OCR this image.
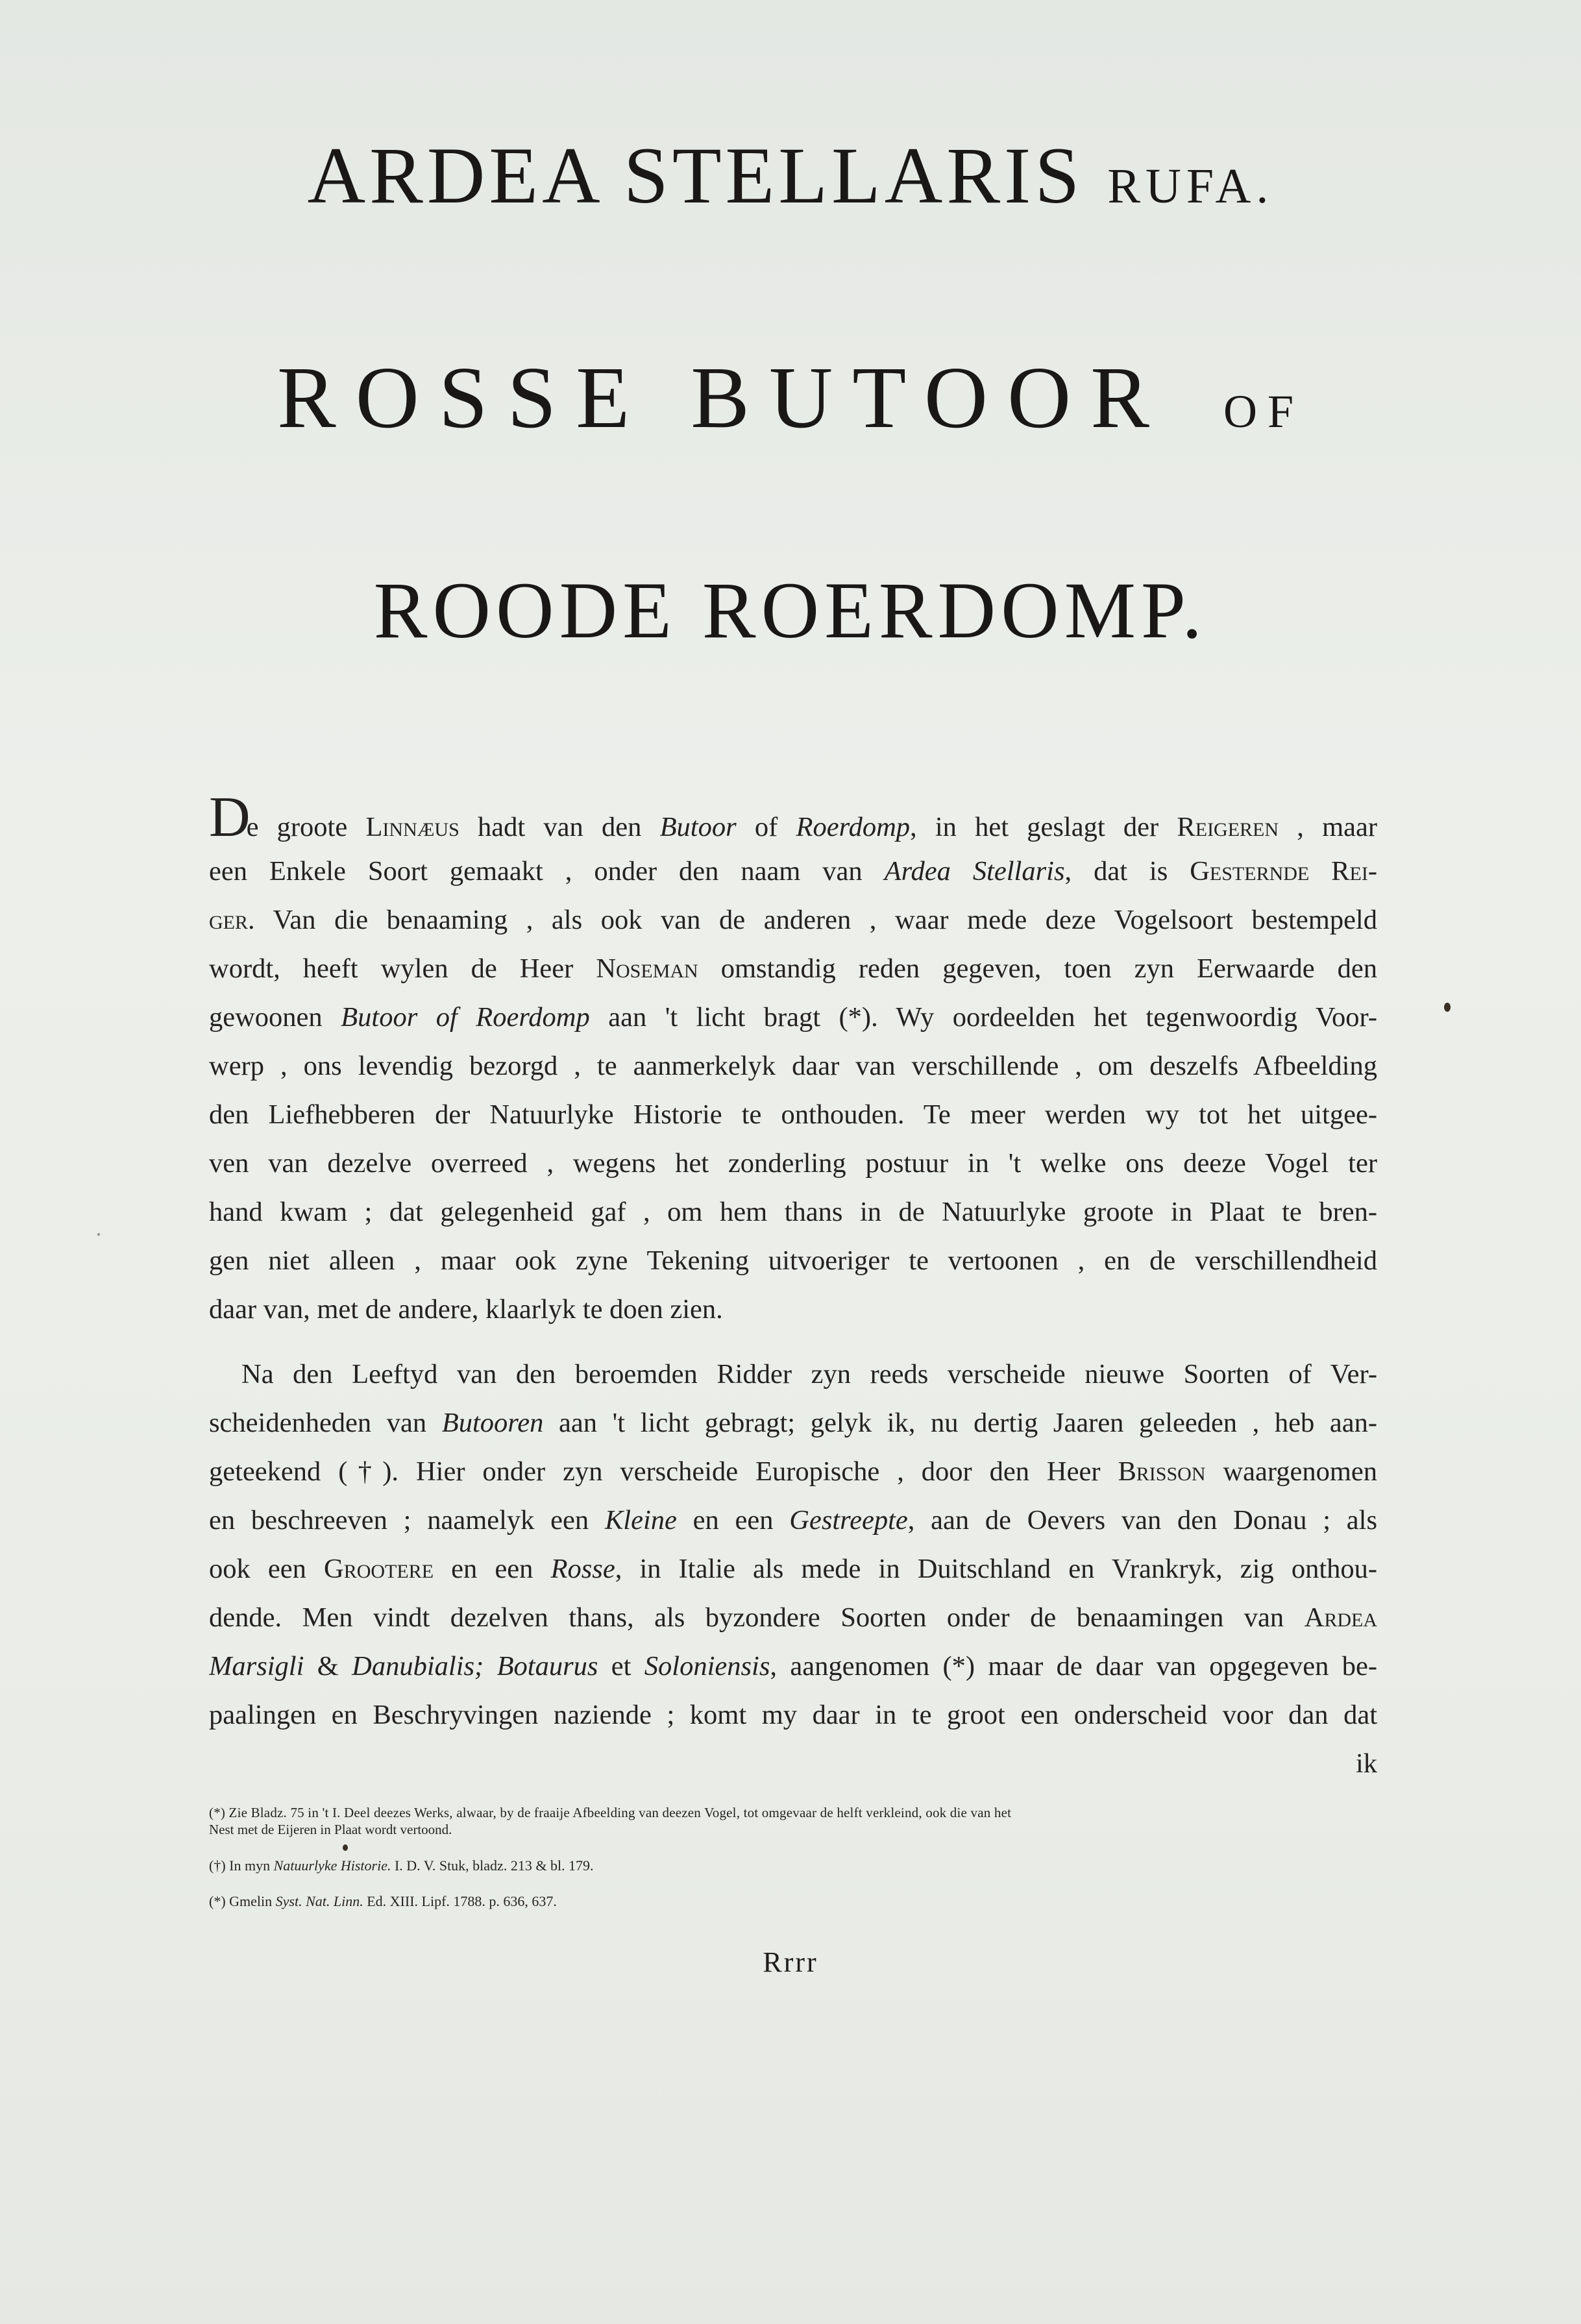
ARDEA STELLARIS RUFA.
ROSSE BUTOOR OF
ROODE ROERDOMP.
De groote Linnæus hadt van den Butoor of Roerdomp, in het geslagt der Reigeren , maar
een Enkele Soort gemaakt , onder den naam van Ardea Stellaris, dat is Gesternde Rei-
ger. Van die benaaming , als ook van de anderen , waar mede deze Vogelsoort bestempeld
wordt, heeft wylen de Heer Noseman omstandig reden gegeven, toen zyn Eerwaarde den
gewoonen Butoor of Roerdomp aan 't licht bragt (*). Wy oordeelden het tegenwoordig Voor-
werp , ons levendig bezorgd , te aanmerkelyk daar van verschillende , om deszelfs Afbeelding
den Liefhebberen der Natuurlyke Historie te onthouden. Te meer werden wy tot het uitgee-
ven van dezelve overreed , wegens het zonderling postuur in 't welke ons deeze Vogel ter
hand kwam ; dat gelegenheid gaf , om hem thans in de Natuurlyke groote in Plaat te bren-
gen niet alleen , maar ook zyne Tekening uitvoeriger te vertoonen , en de verschillendheid
daar van, met de andere, klaarlyk te doen zien.
Na den Leeftyd van den beroemden Ridder zyn reeds verscheide nieuwe Soorten of Ver-
scheidenheden van Butooren aan 't licht gebragt; gelyk ik, nu dertig Jaaren geleeden , heb aan-
geteekend (†). Hier onder zyn verscheide Europische , door den Heer Brisson waargenomen
en beschreeven ; naamelyk een Kleine en een Gestreepte, aan de Oevers van den Donau ; als
ook een Grootere en een Rosse, in Italie als mede in Duitschland en Vrankryk, zig onthou-
dende. Men vindt dezelven thans, als byzondere Soorten onder de benaamingen van Ardea
Marsigli & Danubialis; Botaurus et Soloniensis, aangenomen (*) maar de daar van opgegeven be-
paalingen en Beschryvingen naziende ; komt my daar in te groot een onderscheid voor dan dat
ik
(*) Zie Bladz. 75 in 't I. Deel deezes Werks, alwaar, by de fraaije Afbeelding van deezen Vogel, tot omgevaar de helft verkleind, ook die van het
Nest met de Eijeren in Plaat wordt vertoond.
(†) In myn Natuurlyke Historie. I. D. V. Stuk, bladz. 213 & bl. 179.
(*) Gmelin Syst. Nat. Linn. Ed. XIII. Lipf. 1788. p. 636, 637.
Rrrr
